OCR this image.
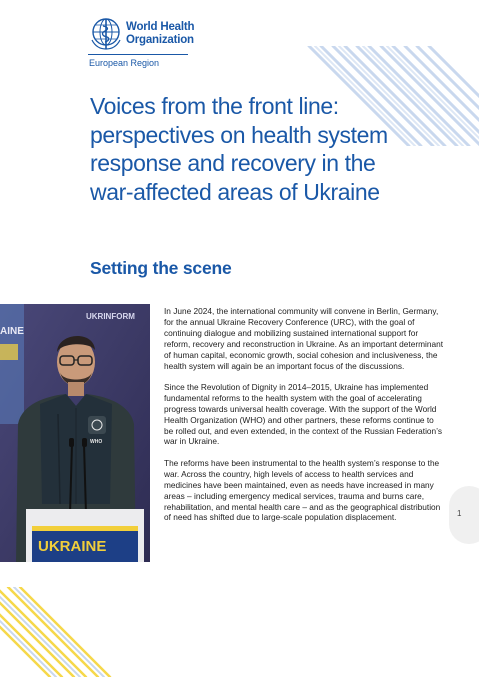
World Health
Organization
European Region
Voices from the front line: perspectives on health system response and recovery in the war-affected areas of Ukraine
Setting the scene
AINE
UKRINFORM
WHO
UKRAINE

In June 2024, the international community will convene in Berlin, Germany, for the annual Ukraine Recovery Conference (URC), with the goal of continuing dialogue and mobilizing sustained international support for reform, recovery and reconstruction in Ukraine. As an important determinant of human capital, economic growth, social cohesion and inclusiveness, the health system will again be an important focus of the discussions.

Since the Revolution of Dignity in 2014–2015, Ukraine has implemented fundamental reforms to the health system with the goal of accelerating progress towards universal health coverage. With the support of the World Health Organization (WHO) and other partners, these reforms continue to be rolled out, and even extended, in the context of the Russian Federation’s war in Ukraine.

The reforms have been instrumental to the health system’s response to the war. Across the country, high levels of access to health services and medicines have been maintained, even as needs have increased in many areas – including emergency medical services, trauma and burns care, rehabilitation, and mental health care – and as the geographical distribution of need has shifted due to large-scale population displacement.	1
